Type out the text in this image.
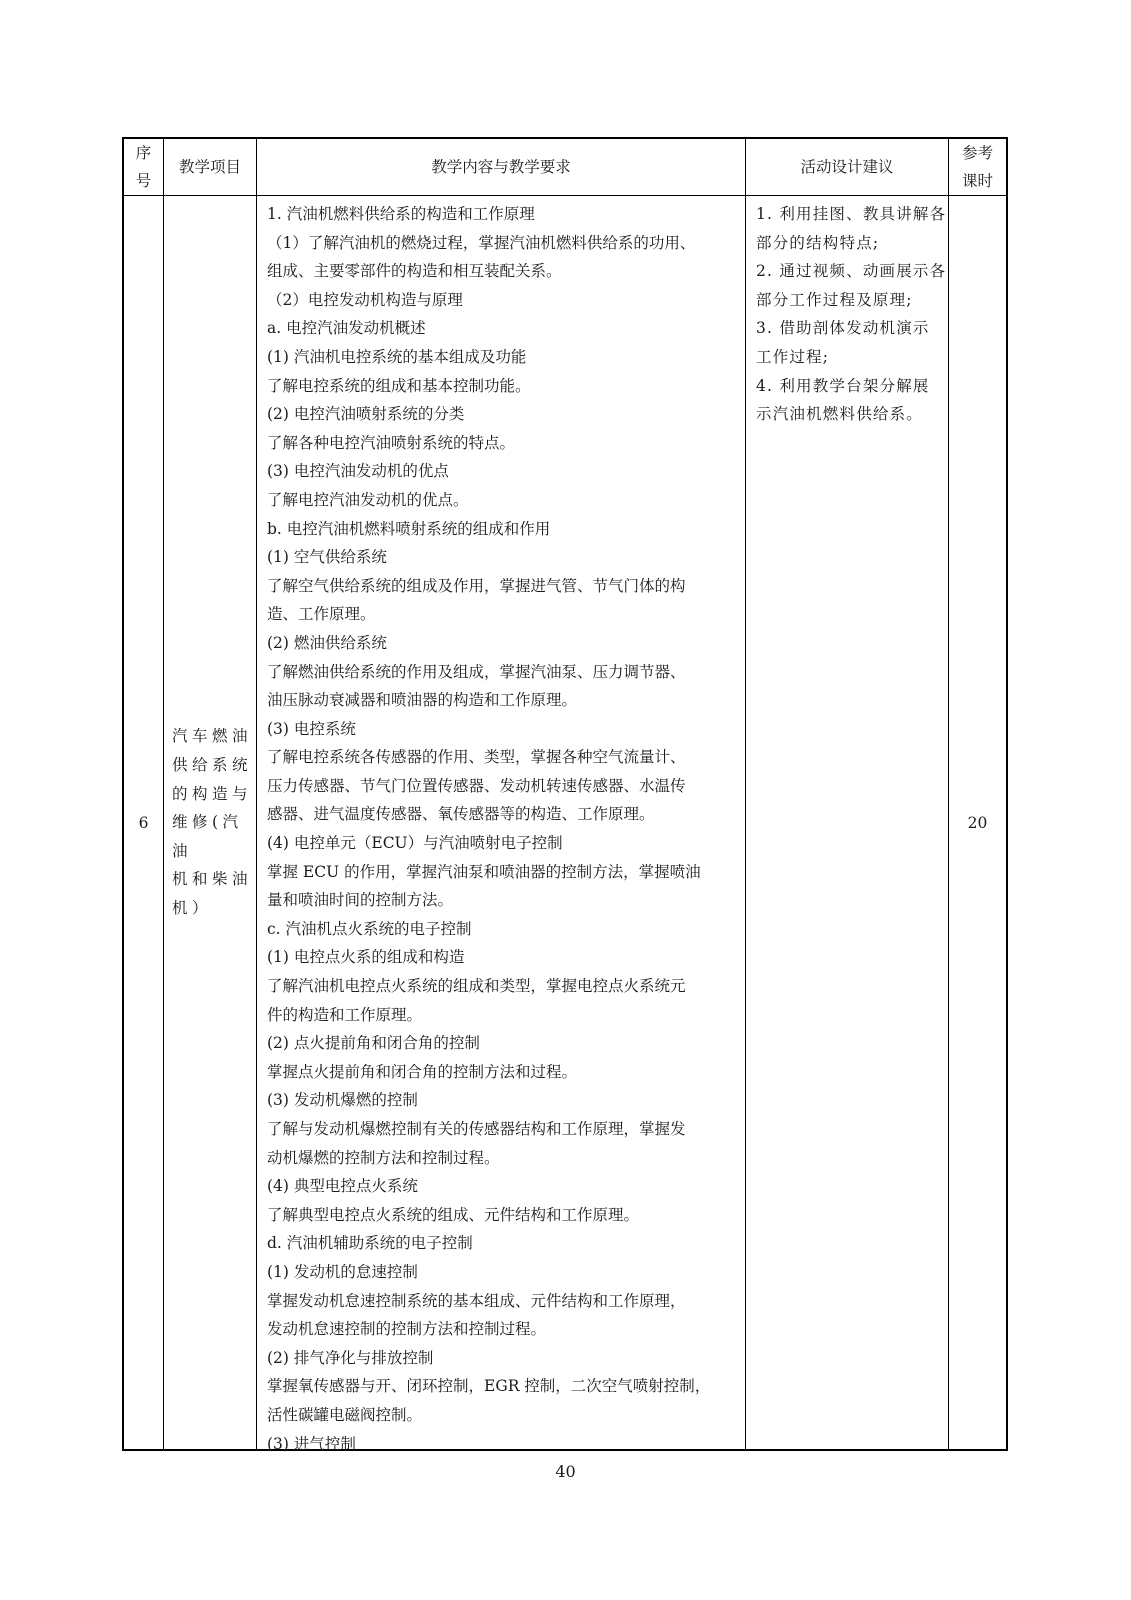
序
号
教学项目	教学内容与教学要求	活动设计建议
参考
课时
6
汽车燃油
供给系统
的构造与
维修(汽油
机和柴油
机）
1. 汽油机燃料供给系的构造和工作原理
（1）了解汽油机的燃烧过程，掌握汽油机燃料供给系的功用、
组成、主要零部件的构造和相互装配关系。
（2）电控发动机构造与原理
a. 电控汽油发动机概述
(1) 汽油机电控系统的基本组成及功能
了解电控系统的组成和基本控制功能。
(2) 电控汽油喷射系统的分类
了解各种电控汽油喷射系统的特点。
(3) 电控汽油发动机的优点
了解电控汽油发动机的优点。
b. 电控汽油机燃料喷射系统的组成和作用
(1) 空气供给系统
了解空气供给系统的组成及作用，掌握进气管、节气门体的构
造、工作原理。
(2) 燃油供给系统
了解燃油供给系统的作用及组成，掌握汽油泵、压力调节器、
油压脉动衰减器和喷油器的构造和工作原理。
(3) 电控系统
了解电控系统各传感器的作用、类型，掌握各种空气流量计、
压力传感器、节气门位置传感器、发动机转速传感器、水温传
感器、进气温度传感器、氧传感器等的构造、工作原理。
(4) 电控单元（ECU）与汽油喷射电子控制
掌握 ECU 的作用，掌握汽油泵和喷油器的控制方法，掌握喷油
量和喷油时间的控制方法。
c. 汽油机点火系统的电子控制
(1) 电控点火系的组成和构造
了解汽油机电控点火系统的组成和类型，掌握电控点火系统元
件的构造和工作原理。
(2) 点火提前角和闭合角的控制
掌握点火提前角和闭合角的控制方法和过程。
(3) 发动机爆燃的控制
了解与发动机爆燃控制有关的传感器结构和工作原理，掌握发
动机爆燃的控制方法和控制过程。
(4) 典型电控点火系统
了解典型电控点火系统的组成、元件结构和工作原理。
d. 汽油机辅助系统的电子控制
(1) 发动机的怠速控制
掌握发动机怠速控制系统的基本组成、元件结构和工作原理，
发动机怠速控制的控制方法和控制过程。
(2) 排气净化与排放控制
掌握氧传感器与开、闭环控制，EGR 控制，二次空气喷射控制，
活性碳罐电磁阀控制。
(3) 进气控制
1. 利用挂图、教具讲解各
部分的结构特点;
2. 通过视频、动画展示各
部分工作过程及原理;
3. 借助剖体发动机演示
工作过程;
4. 利用教学台架分解展
示汽油机燃料供给系。
20
40
